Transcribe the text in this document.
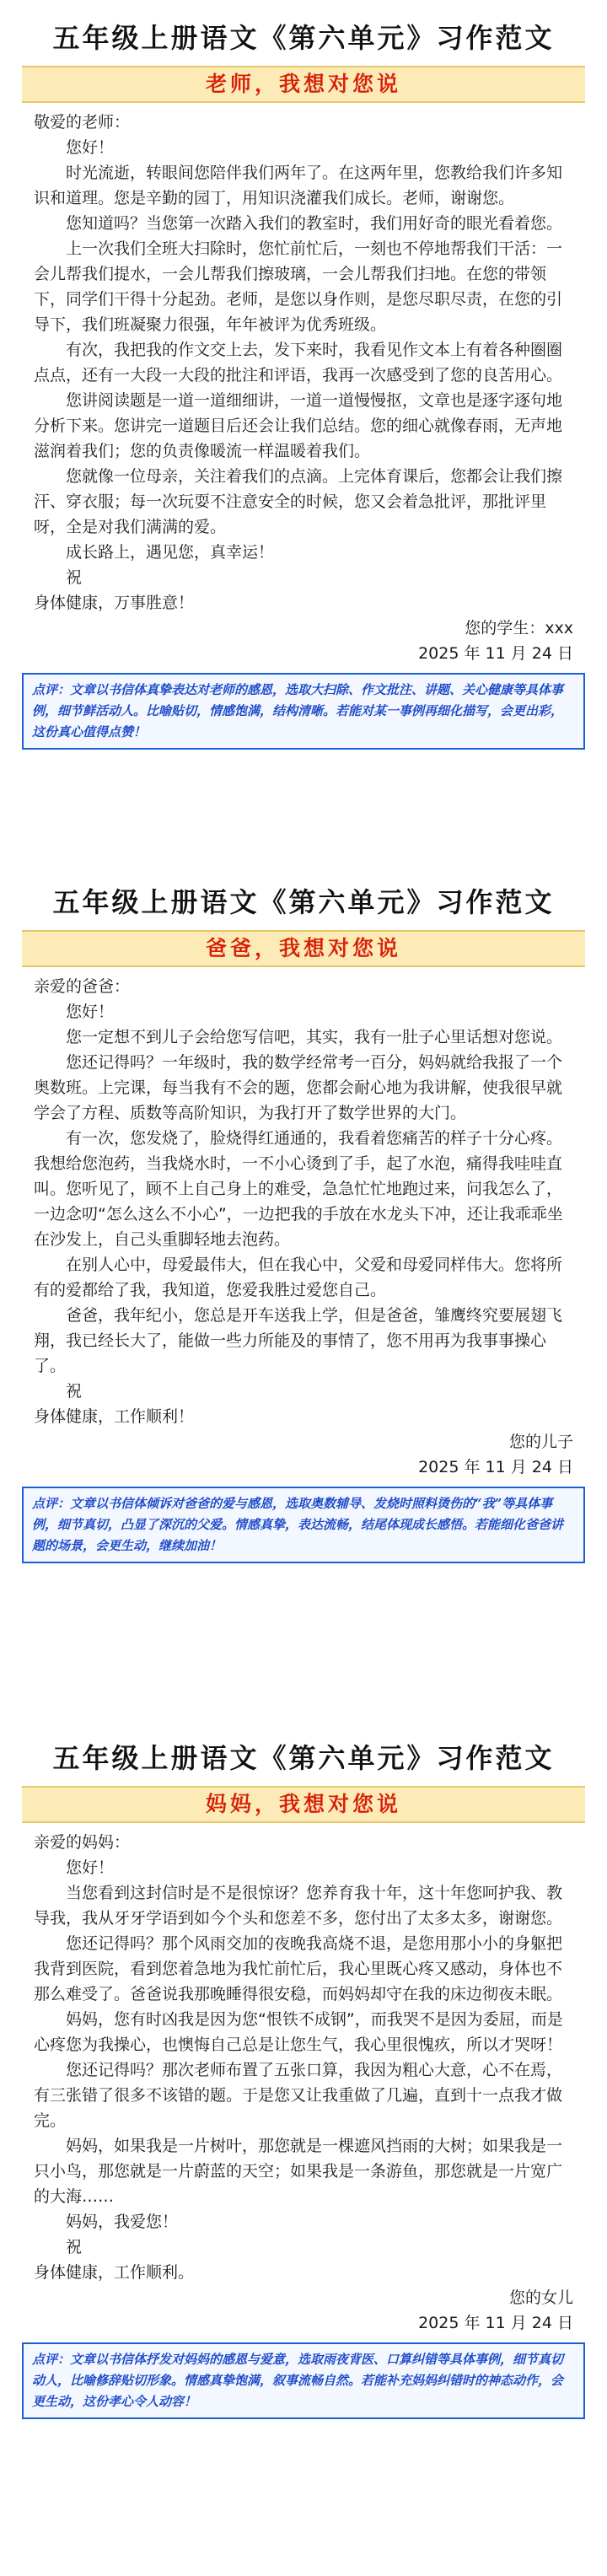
五年级上册语文《第六单元》习作范文
老师，我想对您说

敬爱的老师：

您好！

时光流逝，转眼间您陪伴我们两年了。在这两年里，您教给我们许多知识和道理。您是辛勤的园丁，用知识浇灌我们成长。老师，谢谢您。

您知道吗？当您第一次踏入我们的教室时，我们用好奇的眼光看着您。

上一次我们全班大扫除时，您忙前忙后，一刻也不停地帮我们干活：一会儿帮我们提水，一会儿帮我们擦玻璃，一会儿帮我们扫地。在您的带领下，同学们干得十分起劲。老师，是您以身作则，是您尽职尽责，在您的引导下，我们班凝聚力很强，年年被评为优秀班级。

有次，我把我的作文交上去，发下来时，我看见作文本上有着各种圈圈点点，还有一大段一大段的批注和评语，我再一次感受到了您的良苦用心。

您讲阅读题是一道一道细细讲，一道一道慢慢抠，文章也是逐字逐句地分析下来。您讲完一道题目后还会让我们总结。您的细心就像春雨，无声地滋润着我们；您的负责像暖流一样温暖着我们。

您就像一位母亲，关注着我们的点滴。上完体育课后，您都会让我们擦汗、穿衣服；每一次玩耍不注意安全的时候，您又会着急批评，那批评里呀，全是对我们满满的爱。

成长路上，遇见您，真幸运！

祝

身体健康，万事胜意！

您的学生：xxx
2025 年 11 月 24 日
点评：文章以书信体真挚表达对老师的感恩，选取大扫除、作文批注、讲题、关心健康等具体事例，细节鲜活动人。比喻贴切，情感饱满，结构清晰。若能对某一事例再细化描写，会更出彩，这份真心值得点赞！
五年级上册语文《第六单元》习作范文
爸爸，我想对您说

亲爱的爸爸：

您好！

您一定想不到儿子会给您写信吧，其实，我有一肚子心里话想对您说。

您还记得吗？一年级时，我的数学经常考一百分，妈妈就给我报了一个奥数班。上完课，每当我有不会的题，您都会耐心地为我讲解，使我很早就学会了方程、质数等高阶知识，为我打开了数学世界的大门。

有一次，您发烧了，脸烧得红通通的，我看着您痛苦的样子十分心疼。我想给您泡药，当我烧水时，一不小心烫到了手，起了水泡，痛得我哇哇直叫。您听见了，顾不上自己身上的难受，急急忙忙地跑过来，问我怎么了，一边念叨“怎么这么不小心”，一边把我的手放在水龙头下冲，还让我乖乖坐在沙发上，自己头重脚轻地去泡药。

在别人心中，母爱最伟大，但在我心中，父爱和母爱同样伟大。您将所有的爱都给了我，我知道，您爱我胜过爱您自己。

爸爸，我年纪小，您总是开车送我上学，但是爸爸，雏鹰终究要展翅飞翔，我已经长大了，能做一些力所能及的事情了，您不用再为我事事操心了。

祝

身体健康，工作顺利！

您的儿子
2025 年 11 月 24 日
点评：文章以书信体倾诉对爸爸的爱与感恩，选取奥数辅导、发烧时照料烫伤的“我”等具体事例，细节真切，凸显了深沉的父爱。情感真挚，表达流畅，结尾体现成长感悟。若能细化爸爸讲题的场景，会更生动，继续加油！
五年级上册语文《第六单元》习作范文
妈妈，我想对您说

亲爱的妈妈：

您好！

当您看到这封信时是不是很惊讶？您养育我十年，这十年您呵护我、教导我，我从牙牙学语到如今个头和您差不多，您付出了太多太多，谢谢您。

您还记得吗？那个风雨交加的夜晚我高烧不退，是您用那小小的身躯把我背到医院，看到您着急地为我忙前忙后，我心里既心疼又感动，身体也不那么难受了。爸爸说我那晚睡得很安稳，而妈妈却守在我的床边彻夜未眠。

妈妈，您有时凶我是因为您“恨铁不成钢”，而我哭不是因为委屈，而是心疼您为我操心，也懊悔自己总是让您生气，我心里很愧疚，所以才哭呀！

您还记得吗？那次老师布置了五张口算，我因为粗心大意，心不在焉，有三张错了很多不该错的题。于是您又让我重做了几遍，直到十一点我才做完。

妈妈，如果我是一片树叶，那您就是一棵遮风挡雨的大树；如果我是一只小鸟，那您就是一片蔚蓝的天空；如果我是一条游鱼，那您就是一片宽广的大海……

妈妈，我爱您！

祝

身体健康，工作顺利。

您的女儿
2025 年 11 月 24 日
点评：文章以书信体抒发对妈妈的感恩与爱意，选取雨夜背医、口算纠错等具体事例，细节真切动人，比喻修辞贴切形象。情感真挚饱满，叙事流畅自然。若能补充妈妈纠错时的神态动作，会更生动，这份孝心令人动容！
